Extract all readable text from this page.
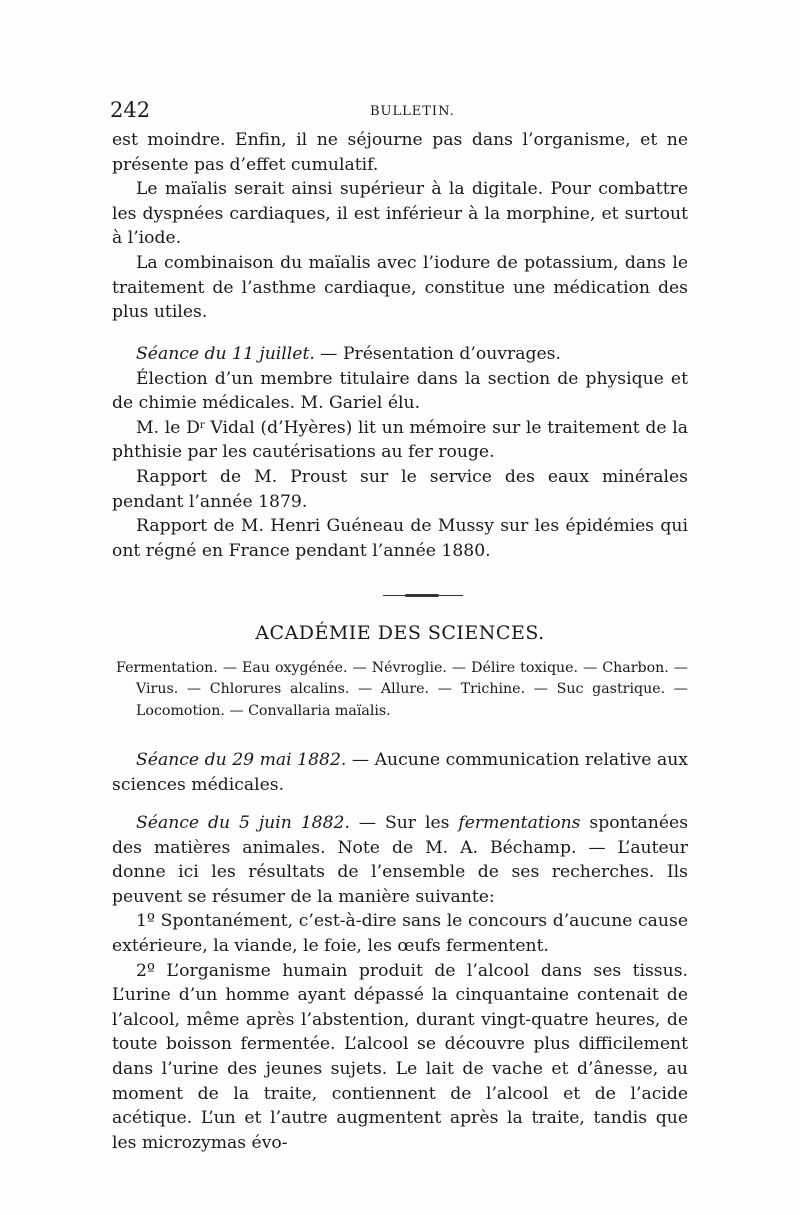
242	BULLETIN.

est moindre. Enfin, il ne séjourne pas dans l’organisme, et ne présente pas d’effet cumulatif.

Le maïalis serait ainsi supérieur à la digitale. Pour combattre les dyspnées cardiaques, il est inférieur à la morphine, et surtout à l’iode.

La combinaison du maïalis avec l’iodure de potassium, dans le traitement de l’asthme cardiaque, constitue une médication des plus utiles.

Séance du 11 juillet. — Présentation d’ouvrages.

Élection d’un membre titulaire dans la section de physique et de chimie médicales. M. Gariel élu.

M. le $D^r$ Vidal (d’Hyères) lit un mémoire sur le traitement de la phthisie par les cautérisations au fer rouge.

Rapport de M. Proust sur le service des eaux minérales pendant l’année 1879.

Rapport de M. Henri Guéneau de Mussy sur les épidémies qui ont régné en France pendant l’année 1880.

ACADÉMIE DES SCIENCES.

Fermentation. — Eau oxygénée. — Névroglie. — Délire toxique. — Charbon. — Virus. — Chlorures alcalins. — Allure. — Trichine. — Suc gastrique. — Locomotion. — Convallaria maïalis.

Séance du 29 mai 1882. — Aucune communication relative aux sciences médicales.

Séance du 5 juin 1882. — Sur les fermentations spontanées des matières animales. Note de M. A. Béchamp. — L’auteur donne ici les résultats de l’ensemble de ses recherches. Ils peuvent se résumer de la manière suivante:

1º Spontanément, c’est-à-dire sans le concours d’aucune cause extérieure, la viande, le foie, les œufs fermentent.

2º L’organisme humain produit de l’alcool dans ses tissus. L’urine d’un homme ayant dépassé la cinquantaine contenait de l’alcool, même après l’abstention, durant vingt-quatre heures, de toute boisson fermentée. L’alcool se découvre plus difficilement dans l’urine des jeunes sujets. Le lait de vache et d’ânesse, au moment de la traite, contiennent de l’alcool et de l’acide acétique. L’un et l’autre augmentent après la traite, tandis que les microzymas évo-
